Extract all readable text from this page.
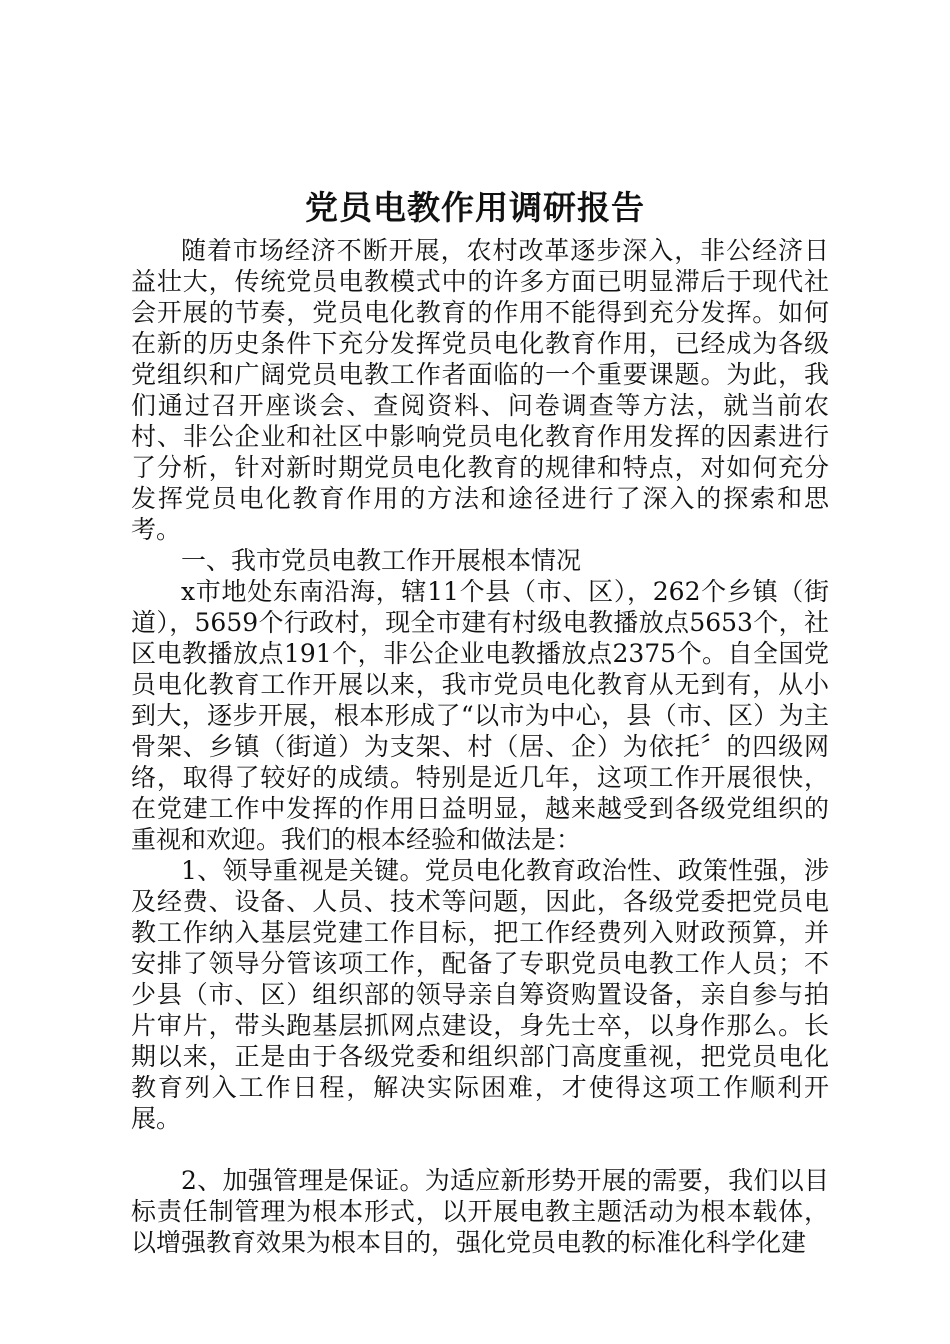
党员电教作用调研报告

随着市场经济不断开展，农村改革逐步深入，非公经济日益壮大，传统党员电教模式中的许多方面已明显滞后于现代社会开展的节奏，党员电化教育的作用不能得到充分发挥。如何在新的历史条件下充分发挥党员电化教育作用，已经成为各级党组织和广阔党员电教工作者面临的一个重要课题。为此，我们通过召开座谈会、查阅资料、问卷调查等方法，就当前农村、非公企业和社区中影响党员电化教育作用发挥的因素进行了分析，针对新时期党员电化教育的规律和特点，对如何充分发挥党员电化教育作用的方法和途径进行了深入的探索和思考。

一、我市党员电教工作开展根本情况

x市地处东南沿海，辖11个县（市、区），262个乡镇（街道），5659个行政村，现全市建有村级电教播放点5653个，社区电教播放点191个，非公企业电教播放点2375个。自全国党员电化教育工作开展以来，我市党员电化教育从无到有，从小到大，逐步开展，根本形成了“以市为中心，县（市、区）为主骨架、乡镇（街道）为支架、村（居、企）为依托〞的四级网络，取得了较好的成绩。特别是近几年，这项工作开展很快，在党建工作中发挥的作用日益明显，越来越受到各级党组织的重视和欢迎。我们的根本经验和做法是：

1、领导重视是关键。党员电化教育政治性、政策性强，涉及经费、设备、人员、技术等问题，因此，各级党委把党员电教工作纳入基层党建工作目标，把工作经费列入财政预算，并安排了领导分管该项工作，配备了专职党员电教工作人员；不少县（市、区）组织部的领导亲自筹资购置设备，亲自参与拍片审片，带头跑基层抓网点建设，身先士卒，以身作那么。长期以来，正是由于各级党委和组织部门高度重视，把党员电化教育列入工作日程，解决实际困难，才使得这项工作顺利开展。

2、加强管理是保证。为适应新形势开展的需要，我们以目标责任制管理为根本形式，以开展电教主题活动为根本载体，以增强教育效果为根本目的，强化党员电教的标准化科学化建
